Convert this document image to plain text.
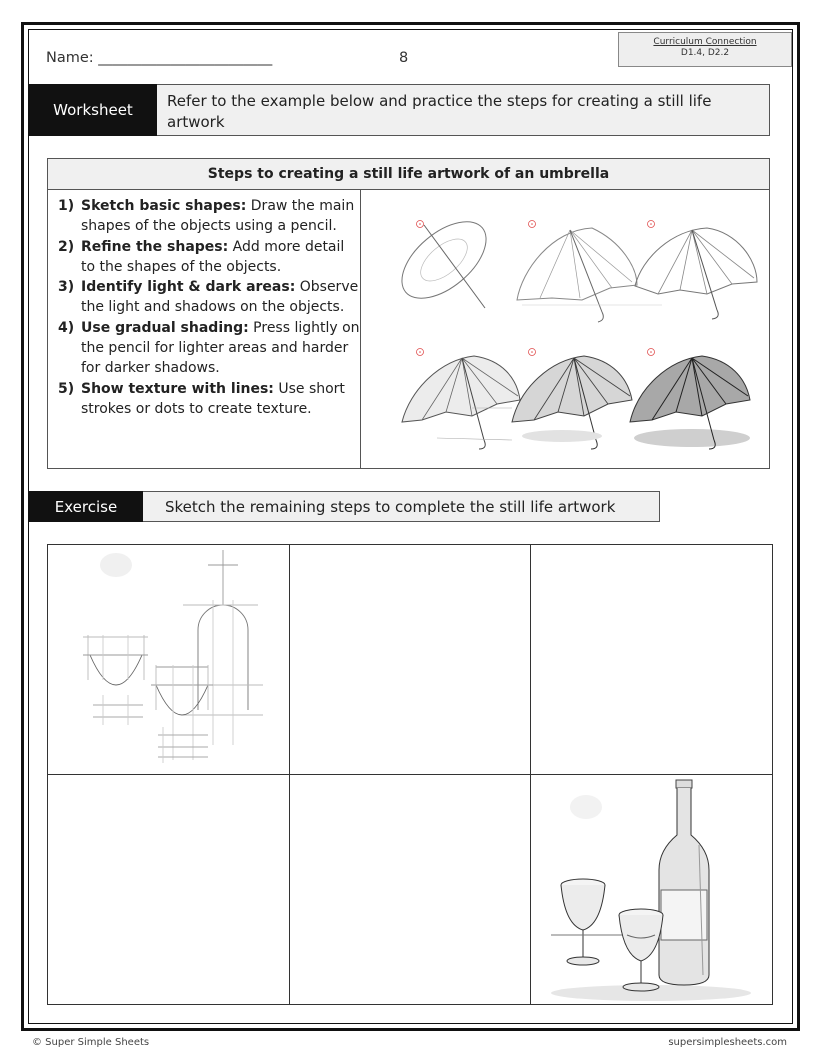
Name: ________________________	8
Curriculum Connection
D1.4, D2.2
Worksheet	Refer to the example below and practice the steps for creating a still life artwork
Steps to creating a still life artwork of an umbrella
1) Sketch basic shapes: Draw the main shapes of the objects using a pencil.
2) Refine the shapes: Add more detail to the shapes of the objects.
3) Identify light & dark areas: Observe the light and shadows on the objects.
4) Use gradual shading: Press lightly on the pencil for lighter areas and harder for darker shadows.
5) Show texture with lines: Use short strokes or dots to create texture.
Exercise	Sketch the remaining steps to complete the still life artwork
© Super Simple Sheets	supersimplesheets.com
